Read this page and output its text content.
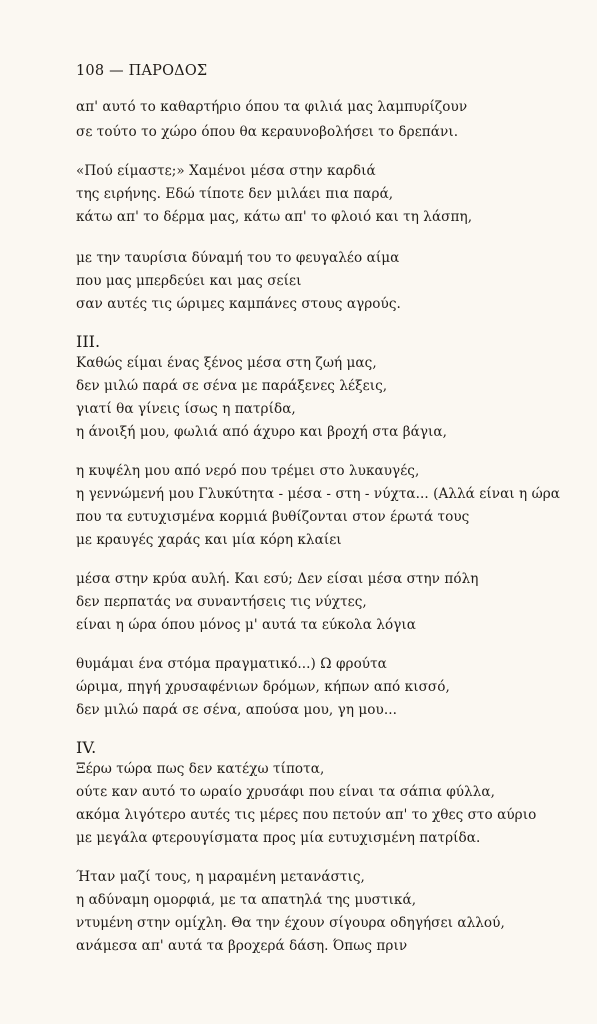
108 — ΠΑΡΟΔΟΣ
απ' αυτό το καθαρτήριο όπου τα φιλιά μας λαμπυρίζουν
σε τούτο το χώρο όπου θα κεραυνοβολήσει το δρεπάνι.
«Πού είμαστε;» Χαμένοι μέσα στην καρδιά
της ειρήνης. Εδώ τίποτε δεν μιλάει πια παρά,
κάτω απ' το δέρμα μας, κάτω απ' το φλοιό και τη λάσπη,
με την ταυρίσια δύναμή του το φευγαλέο αίμα
που μας μπερδεύει και μας σείει
σαν αυτές τις ώριμες καμπάνες στους αγρούς.
III.
Καθώς είμαι ένας ξένος μέσα στη ζωή μας,
δεν μιλώ παρά σε σένα με παράξενες λέξεις,
γιατί θα γίνεις ίσως η πατρίδα,
η άνοιξή μου, φωλιά από άχυρο και βροχή στα βάγια,
η κυψέλη μου από νερό που τρέμει στο λυκαυγές,
η γεννώμενή μου Γλυκύτητα - μέσα - στη - νύχτα... (Αλλά είναι η ώρα
που τα ευτυχισμένα κορμιά βυθίζονται στον έρωτά τους
με κραυγές χαράς και μία κόρη κλαίει
μέσα στην κρύα αυλή. Και εσύ; Δεν είσαι μέσα στην πόλη
δεν περπατάς να συναντήσεις τις νύχτες,
είναι η ώρα όπου μόνος μ' αυτά τα εύκολα λόγια
θυμάμαι ένα στόμα πραγματικό...) Ω φρούτα
ώριμα, πηγή χρυσαφένιων δρόμων, κήπων από κισσό,
δεν μιλώ παρά σε σένα, απούσα μου, γη μου...
IV.
Ξέρω τώρα πως δεν κατέχω τίποτα,
ούτε καν αυτό το ωραίο χρυσάφι που είναι τα σάπια φύλλα,
ακόμα λιγότερο αυτές τις μέρες που πετούν απ' το χθες στο αύριο
με μεγάλα φτερουγίσματα προς μία ευτυχισμένη πατρίδα.
Ήταν μαζί τους, η μαραμένη μετανάστις,
η αδύναμη ομορφιά, με τα απατηλά της μυστικά,
ντυμένη στην ομίχλη. Θα την έχουν σίγουρα οδηγήσει αλλού,
ανάμεσα απ' αυτά τα βροχερά δάση. Όπως πριν
